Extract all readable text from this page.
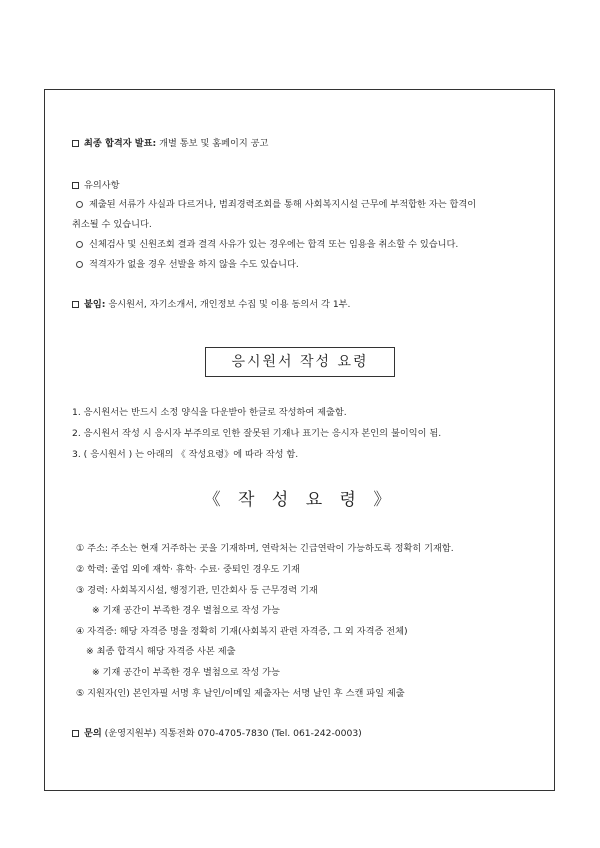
최종 합격자 발표: 개별 통보 및 홈페이지 공고
유의사항
제출된 서류가 사실과 다르거나, 범죄경력조회를 통해 사회복지시설 근무에 부적합한 자는 합격이
취소될 수 있습니다.
신체검사 및 신원조회 결과 결격 사유가 있는 경우에는 합격 또는 임용을 취소할 수 있습니다.
적격자가 없을 경우 선발을 하지 않을 수도 있습니다.
붙임: 응시원서, 자기소개서, 개인정보 수집 및 이용 동의서 각 1부.
응시원서 작성 요령
1. 응시원서는 반드시 소정 양식을 다운받아 한글로 작성하여 제출함.
2. 응시원서 작성 시 응시자 부주의로 인한 잘못된 기재나 표기는 응시자 본인의 불이익이 됨.
3. ( 응시원서 ) 는 아래의 《 작성요령》에 따라 작성 함.
《 작 성 요 령 》
① 주소: 주소는 현재 거주하는 곳을 기재하며, 연락처는 긴급연락이 가능하도록 정확히 기재함.
② 학력: 졸업 외에 재학· 휴학· 수료· 중퇴인 경우도 기재
③ 경력: 사회복지시설, 행정기관, 민간회사 등 근무경력 기재
※ 기재 공간이 부족한 경우 별첨으로 작성 가능
④ 자격증: 해당 자격증 명을 정확히 기재(사회복지 관련 자격증, 그 외 자격증 전체)
※ 최종 합격시 해당 자격증 사본 제출
※ 기재 공간이 부족한 경우 별첨으로 작성 가능
⑤ 지원자(인) 본인자필 서명 후 날인/이메일 제출자는 서명 날인 후 스캔 파일 제출
문의 (운영지원부) 직통전화 070-4705-7830 (Tel. 061-242-0003)
